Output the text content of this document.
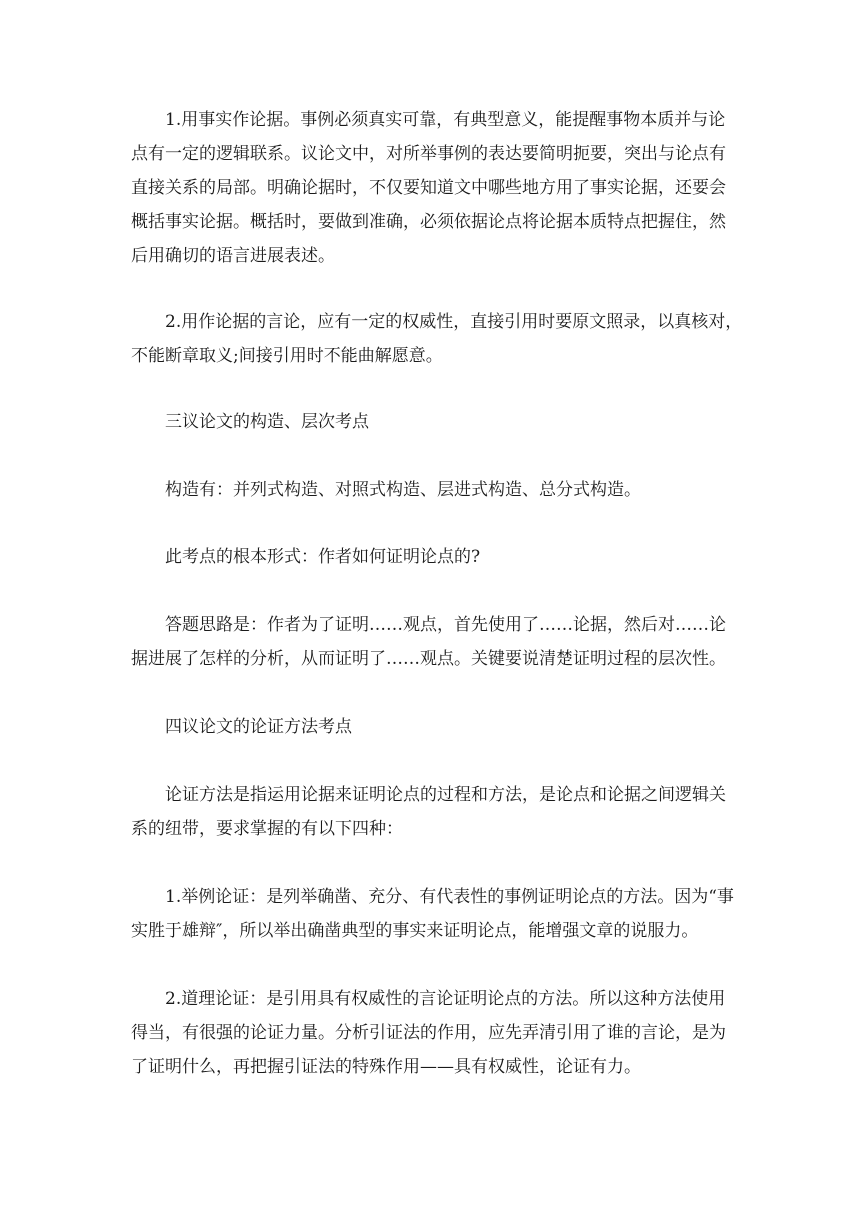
1.用事实作论据。事例必须真实可靠，有典型意义，能提醒事物本质并与论
点有一定的逻辑联系。议论文中，对所举事例的表达要简明扼要，突出与论点有
直接关系的局部。明确论据时，不仅要知道文中哪些地方用了事实论据，还要会
概括事实论据。概括时，要做到准确，必须依据论点将论据本质特点把握住，然
后用确切的语言进展表述。

2.用作论据的言论，应有一定的权威性，直接引用时要原文照录，以真核对，
不能断章取义;间接引用时不能曲解愿意。

三议论文的构造、层次考点

构造有：并列式构造、对照式构造、层进式构造、总分式构造。

此考点的根本形式：作者如何证明论点的?

答题思路是：作者为了证明……观点，首先使用了……论据，然后对……论
据进展了怎样的分析，从而证明了……观点。关键要说清楚证明过程的层次性。

四议论文的论证方法考点

论证方法是指运用论据来证明论点的过程和方法，是论点和论据之间逻辑关
系的纽带，要求掌握的有以下四种：

1.举例论证：是列举确凿、充分、有代表性的事例证明论点的方法。因为“事
实胜于雄辩″，所以举出确凿典型的事实来证明论点，能增强文章的说服力。

2.道理论证：是引用具有权威性的言论证明论点的方法。所以这种方法使用
得当，有很强的论证力量。分析引证法的作用，应先弄清引用了谁的言论，是为
了证明什么，再把握引证法的特殊作用——具有权威性，论证有力。
